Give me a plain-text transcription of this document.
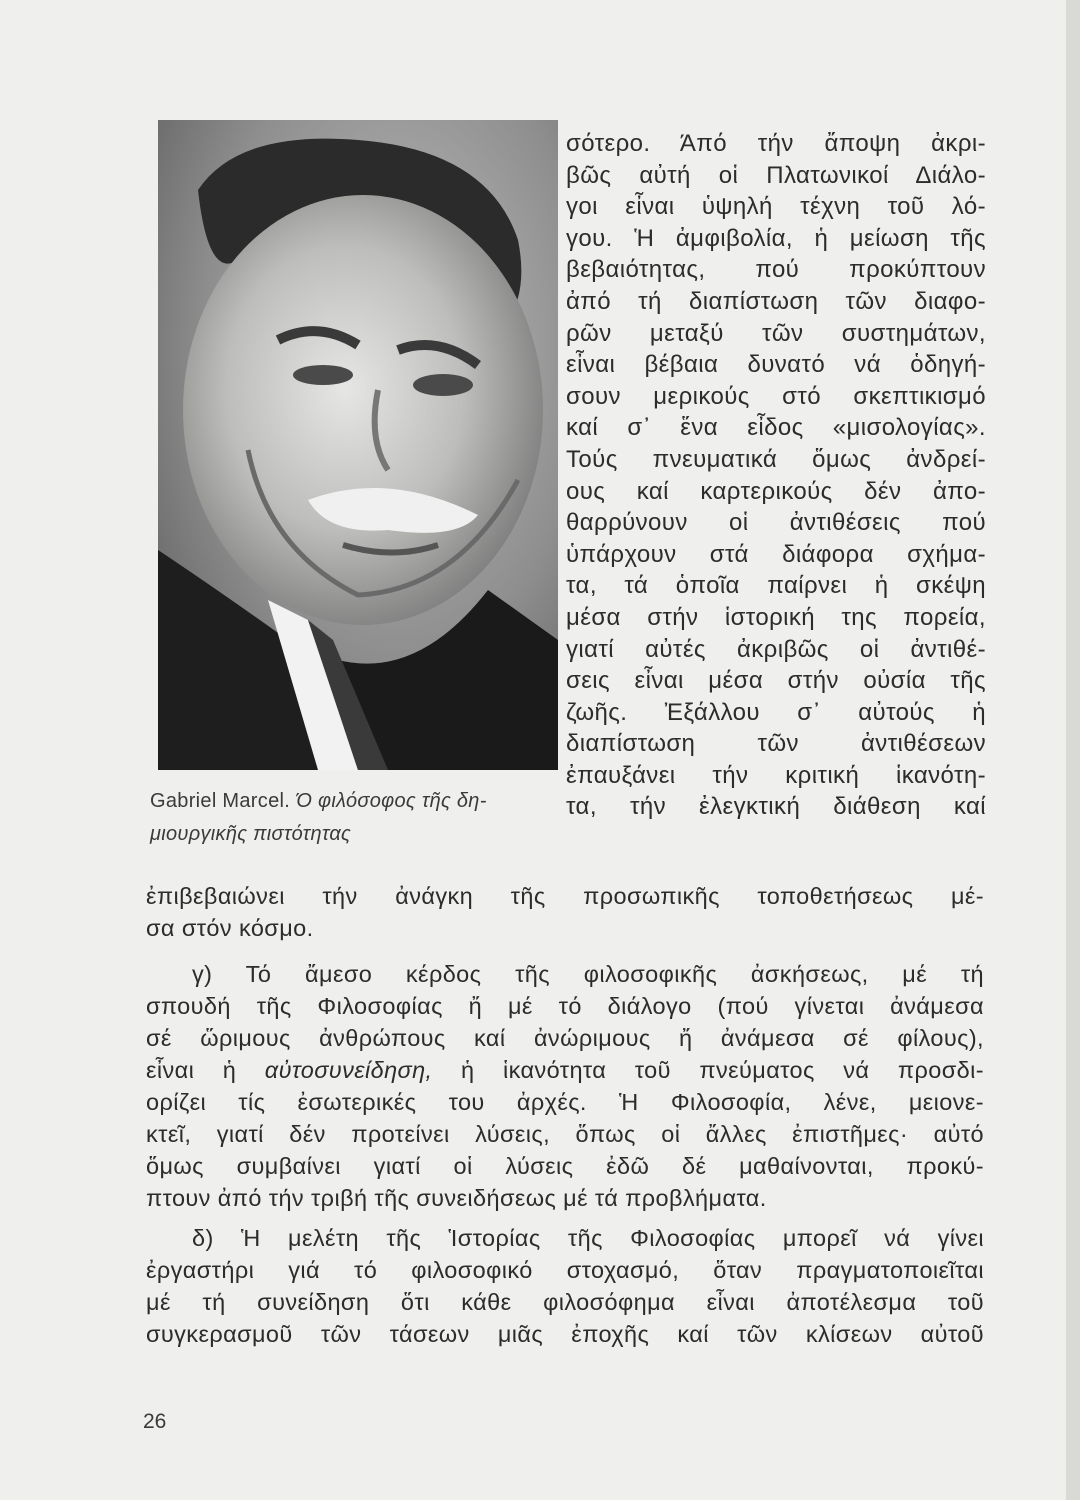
Gabriel Marcel. Ό φιλόσοφος τῆς δη-
μιουργικῆς πιστότητας
σότερο. Άπό τήν ἄποψη ἀκρι-
βῶς αὐτή οἱ Πλατωνικοί Διάλο-
γοι εἶναι ὑψηλή τέχνη τοῦ λό-
γου. Ἡ ἀμφιβολία, ἡ μείωση τῆς
βεβαιότητας, πού προκύπτουν
ἀπό τή διαπίστωση τῶν διαφο-
ρῶν μεταξύ τῶν συστημάτων,
εἶναι βέβαια δυνατό νά ὁδηγή-
σουν μερικούς στό σκεπτικισμό
καί σ᾽ ἕνα εἶδος «μισολογίας».
Τούς πνευματικά ὅμως ἀνδρεί-
ους καί καρτερικούς δέν ἀπο-
θαρρύνουν οἱ ἀντιθέσεις πού
ὑπάρχουν στά διάφορα σχήμα-
τα, τά ὁποῖα παίρνει ἡ σκέψη
μέσα στήν ἱστορική της πορεία,
γιατί αὐτές ἀκριβῶς οἱ ἀντιθέ-
σεις εἶναι μέσα στήν οὐσία τῆς
ζωῆς. Ἐξάλλου σ᾽ αὐτούς ἡ
διαπίστωση τῶν ἀντιθέσεων
ἐπαυξάνει τήν κριτική ἱκανότη-
τα, τήν ἐλεγκτική διάθεση καί
ἐπιβεβαιώνει τήν ἀνάγκη τῆς προσωπικῆς τοποθετήσεως μέ-
σα στόν κόσμο.
γ) Τό ἄμεσο κέρδος τῆς φιλοσοφικῆς ἀσκήσεως, μέ τή
σπουδή τῆς Φιλοσοφίας ἤ μέ τό διάλογο (πού γίνεται ἀνάμεσα
σέ ὥριμους ἀνθρώπους καί ἀνώριμους ἤ ἀνάμεσα σέ φίλους),
εἶναι ἡ αὐτοσυνείδηση, ἡ ἱκανότητα τοῦ πνεύματος νά προσδι-
ορίζει τίς ἐσωτερικές του ἀρχές. Ἡ Φιλοσοφία, λένε, μειονε-
κτεῖ, γιατί δέν προτείνει λύσεις, ὅπως οἱ ἄλλες ἐπιστῆμες· αὐτό
ὅμως συμβαίνει γιατί οἱ λύσεις ἐδῶ δέ μαθαίνονται, προκύ-
πτουν ἀπό τήν τριβή τῆς συνειδήσεως μέ τά προβλήματα.
δ) Ἡ μελέτη τῆς Ἱστορίας τῆς Φιλοσοφίας μπορεῖ νά γίνει
ἐργαστήρι γιά τό φιλοσοφικό στοχασμό, ὅταν πραγματοποιεῖται
μέ τή συνείδηση ὅτι κάθε φιλοσόφημα εἶναι ἀποτέλεσμα τοῦ
συγκερασμοῦ τῶν τάσεων μιᾶς ἐποχῆς καί τῶν κλίσεων αὐτοῦ
26
